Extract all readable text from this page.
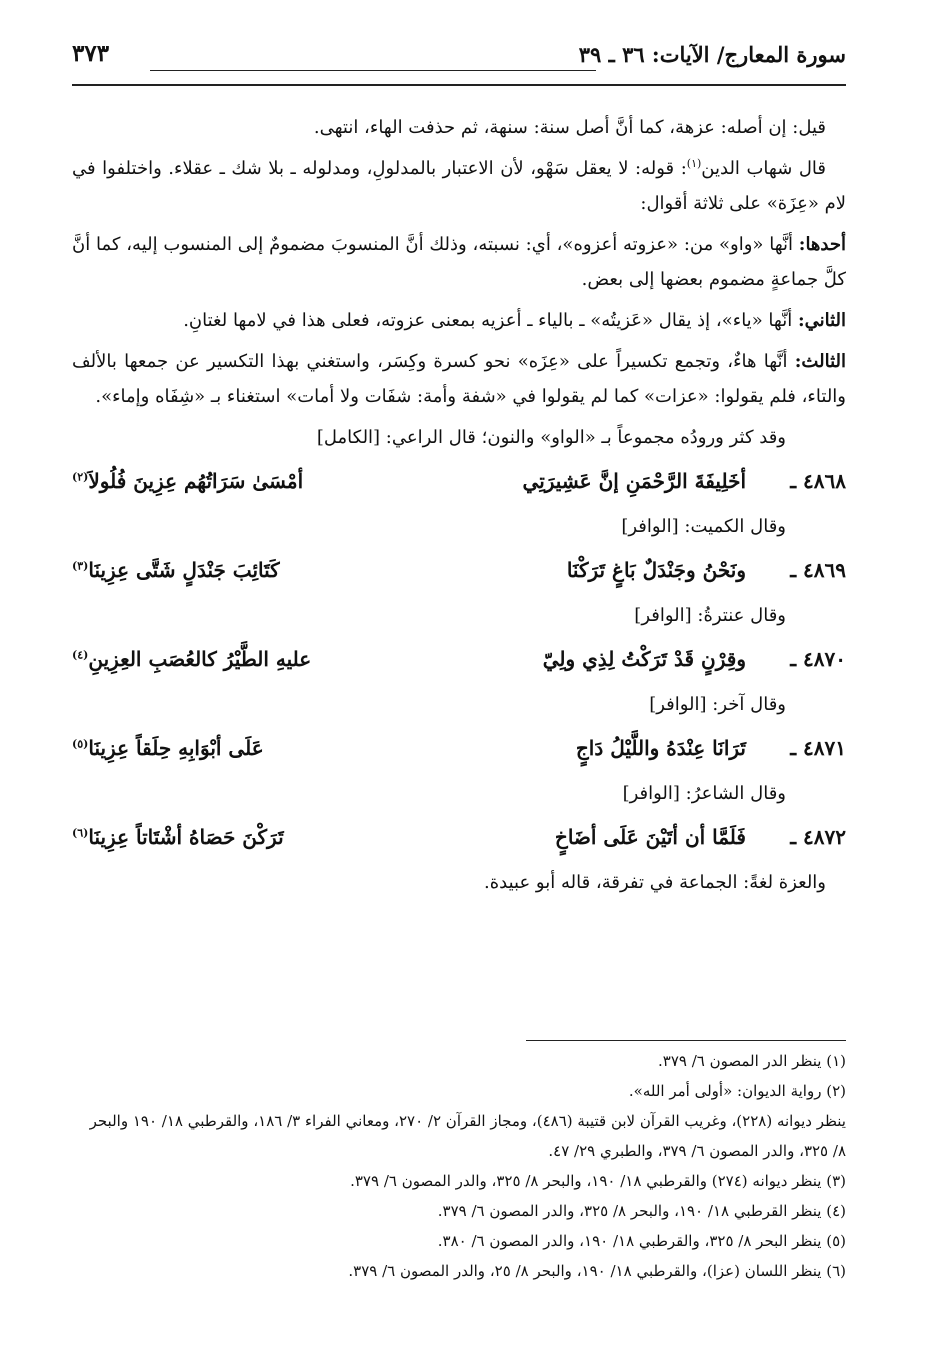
سورة المعارج/ الآيات: ٣٦ ـ ٣٩
٣٧٣

قيل: إن أصله: عزهة، كما أنَّ أصل سنة: سنهة، ثم حذفت الهاء، انتهى.

قال شهاب الدين$^{(١)}$: قوله: لا يعقل سَهْو، لأن الاعتبار بالمدلولِ، ومدلوله ـ بلا شك ـ عقلاء. واختلفوا في لام «عِزَة» على ثلاثة أقوال:

أحدها: أنَّها «واو» من: «عزوته أعزوه»، أي: نسبته، وذلك أنَّ المنسوبَ مضمومٌ إلى المنسوب إليه، كما أنَّ كلَّ جماعةٍ مضموم بعضها إلى بعض.

الثاني: أنَّها «ياء»، إذ يقال «عَزيتُه» ـ بالياء ـ أعزيه بمعنى عزوته، فعلى هذا في لامها لغتانِ.

الثالث: أنَّها هاءٌ، وتجمع تكسيراً على «عِزَه» نحو كسرة وكِسَر، واستغني بهذا التكسير عن جمعها بالألف والتاء، فلم يقولوا: «عزات» كما لم يقولوا في «شفة وأمة: شفَات ولا أمات» استغناء بـ «شِفَاه وإماء».

وقد كثر ورودُه مجموعاً بـ «الواو» والنون؛ قال الراعي: [الكامل]

٤٨٦٨ ـ
أخَلِيفَةَ الرَّحْمَنِ إنَّ عَشِيرَتِي
أمْسَىٰ سَرَاتُهُم عِزِينَ فُلُولاَ$^{(٢)}$

وقال الكميت: [الوافر]

٤٨٦٩ ـ
ونَحْنُ وجَنْدَلٌ بَاغٍ تَرَكْنَا
كَتَائِبَ جَنْدَلٍ شَتَّى عِزِينَا$^{(٣)}$

وقال عنترةُ: [الوافر]

٤٨٧٠ ـ
وقِرْنٍ قَدْ تَرَكْتُ لِذِي ولِيّ
عليهِ الطَّيْرُ كالعُصَبِ العِزِينِ$^{(٤)}$

وقال آخر: [الوافر]

٤٨٧١ ـ
تَرَانَا عِنْدَهُ واللَّيْلُ دَاجٍ
عَلَى أبْوَابِهِ حِلَقاً عِزِينَا$^{(٥)}$

وقال الشاعرُ: [الوافر]

٤٨٧٢ ـ
فَلَمَّا أن أتَيْنَ عَلَى أضَاخٍ
تَرَكْنَ حَصَاهُ أشْتَاتاً عِزِينَا$^{(٦)}$

والعزة لغةً: الجماعة في تفرقة، قاله أبو عبيدة.

(١) ينظر الدر المصون ٦/ ٣٧٩.
(٢) رواية الديوان: «أولى أمر الله».
ينظر ديوانه (٢٢٨)، وغريب القرآن لابن قتيبة (٤٨٦)، ومجاز القرآن ٢/ ٢٧٠، ومعاني الفراء ٣/ ١٨٦، والقرطبي ١٨/ ١٩٠ والبحر ٨/ ٣٢٥، والدر المصون ٦/ ٣٧٩، والطبري ٢٩/ ٤٧.
(٣) ينظر ديوانه (٢٧٤) والقرطبي ١٨/ ١٩٠، والبحر ٨/ ٣٢٥، والدر المصون ٦/ ٣٧٩.
(٤) ينظر القرطبي ١٨/ ١٩٠، والبحر ٨/ ٣٢٥، والدر المصون ٦/ ٣٧٩.
(٥) ينظر البحر ٨/ ٣٢٥، والقرطبي ١٨/ ١٩٠، والدر المصون ٦/ ٣٨٠.
(٦) ينظر اللسان (عزا)، والقرطبي ١٨/ ١٩٠، والبحر ٨/ ٢٥، والدر المصون ٦/ ٣٧٩.
